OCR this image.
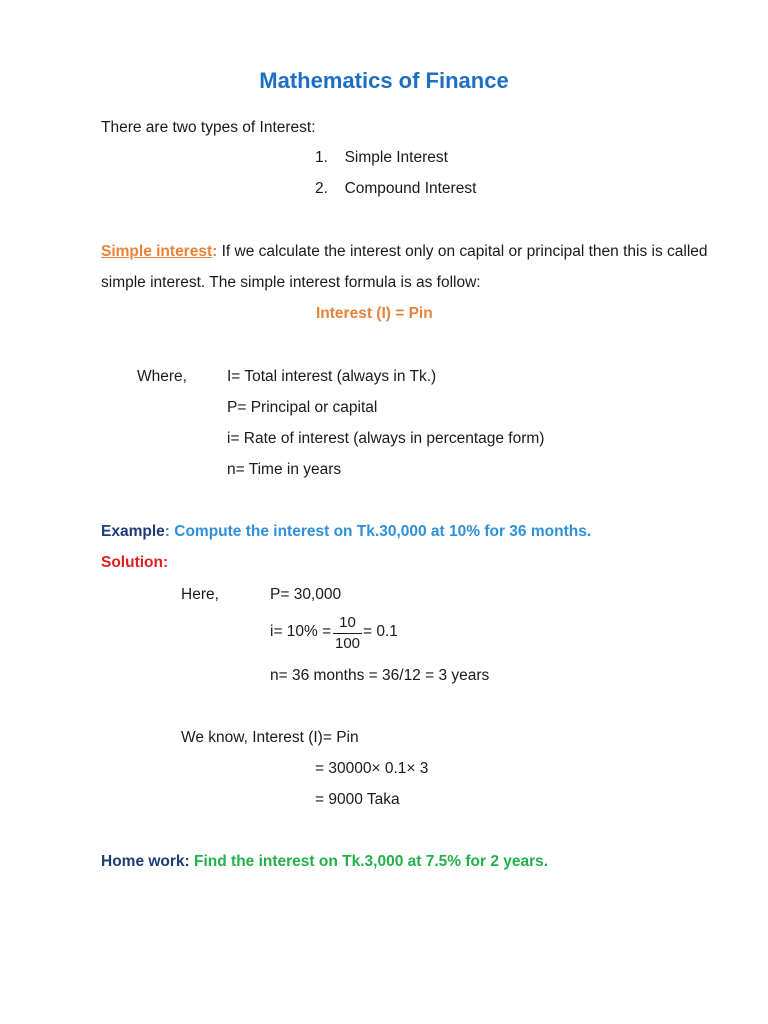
Mathematics of Finance
There are two types of Interest:
1. Simple Interest
2. Compound Interest
Simple interest: If we calculate the interest only on capital or principal then this is called
simple interest. The simple interest formula is as follow:
Interest (I) = Pin
Where,	I= Total interest (always in Tk.)
P= Principal or capital
i= Rate of interest (always in percentage form)
n= Time in years
Example: Compute the interest on Tk.30,000 at 10% for 36 months.
Solution:
Here,	P= 30,000
i= 10% =
10
100
= 0.1
n= 36 months = 36/12 = 3 years
We know, Interest (I)= Pin
= 30000× 0.1× 3
= 9000 Taka
Home work: Find the interest on Tk.3,000 at 7.5% for 2 years.
